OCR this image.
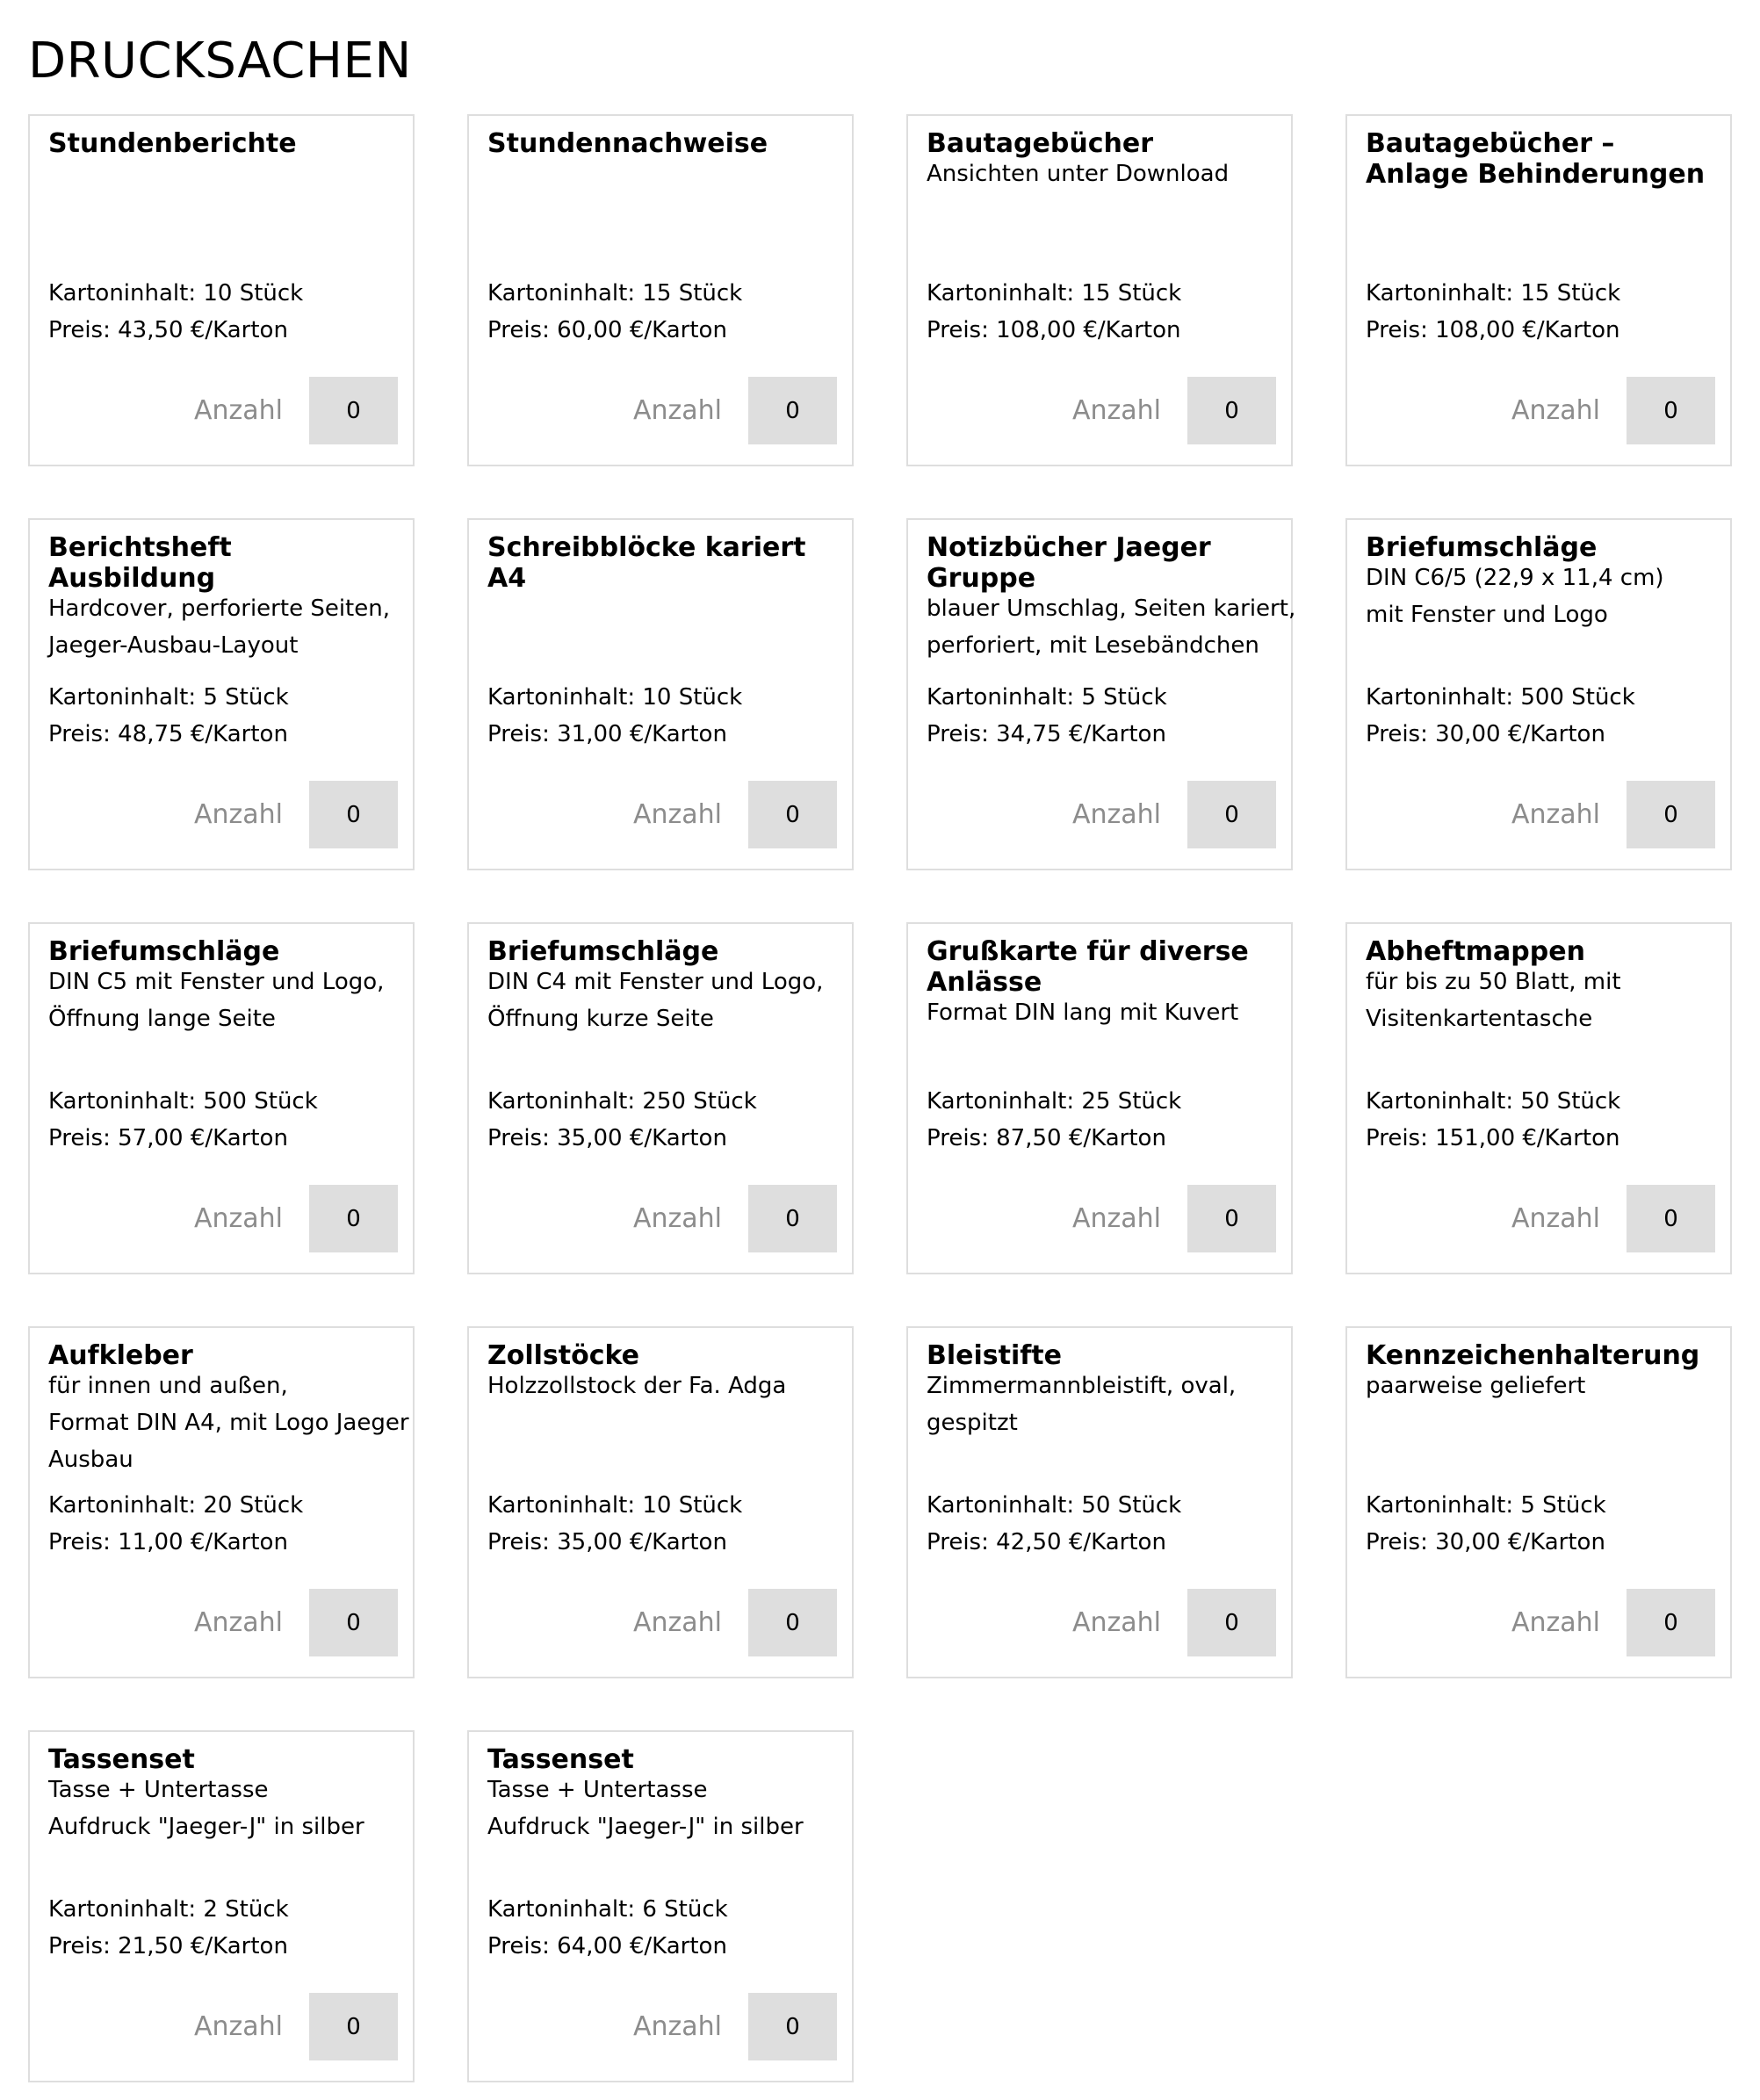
DRUCKSACHEN
Stundenberichte
Kartoninhalt: 10 Stück
Preis: 43,50 €/Karton
Anzahl
0
Stundennachweise
Kartoninhalt: 15 Stück
Preis: 60,00 €/Karton
Anzahl
0
Bautagebücher
Ansichten unter Download
Kartoninhalt: 15 Stück
Preis: 108,00 €/Karton
Anzahl
0
Bautagebücher – Anlage Behinderungen
Kartoninhalt: 15 Stück
Preis: 108,00 €/Karton
Anzahl
0
Berichtsheft Ausbildung
Hardcover, perforierte Seiten,
Jaeger-Ausbau-Layout
Kartoninhalt: 5 Stück
Preis: 48,75 €/Karton
Anzahl
0
Schreibblöcke kariert A4
Kartoninhalt: 10 Stück
Preis: 31,00 €/Karton
Anzahl
0
Notizbücher Jaeger Gruppe
blauer Umschlag, Seiten kariert,
perforiert, mit Lesebändchen
Kartoninhalt: 5 Stück
Preis: 34,75 €/Karton
Anzahl
0
Briefumschläge
DIN C6/5 (22,9 x 11,4 cm)
mit Fenster und Logo
Kartoninhalt: 500 Stück
Preis: 30,00 €/Karton
Anzahl
0
Briefumschläge
DIN C5 mit Fenster und Logo,
Öffnung lange Seite
Kartoninhalt: 500 Stück
Preis: 57,00 €/Karton
Anzahl
0
Briefumschläge
DIN C4 mit Fenster und Logo,
Öffnung kurze Seite
Kartoninhalt: 250 Stück
Preis: 35,00 €/Karton
Anzahl
0
Grußkarte für diverse Anlässe
Format DIN lang mit Kuvert
Kartoninhalt: 25 Stück
Preis: 87,50 €/Karton
Anzahl
0
Abheftmappen
für bis zu 50 Blatt, mit
Visitenkartentasche
Kartoninhalt: 50 Stück
Preis: 151,00 €/Karton
Anzahl
0
Aufkleber
für innen und außen,
Format DIN A4, mit Logo Jaeger
Ausbau
Kartoninhalt: 20 Stück
Preis: 11,00 €/Karton
Anzahl
0
Zollstöcke
Holzzollstock der Fa. Adga
Kartoninhalt: 10 Stück
Preis: 35,00 €/Karton
Anzahl
0
Bleistifte
Zimmermannbleistift, oval,
gespitzt
Kartoninhalt: 50 Stück
Preis: 42,50 €/Karton
Anzahl
0
Kennzeichenhalterung
paarweise geliefert
Kartoninhalt: 5 Stück
Preis: 30,00 €/Karton
Anzahl
0
Tassenset
Tasse + Untertasse
Aufdruck "Jaeger-J" in silber
Kartoninhalt: 2 Stück
Preis: 21,50 €/Karton
Anzahl
0
Tassenset
Tasse + Untertasse
Aufdruck "Jaeger-J" in silber
Kartoninhalt: 6 Stück
Preis: 64,00 €/Karton
Anzahl
0
